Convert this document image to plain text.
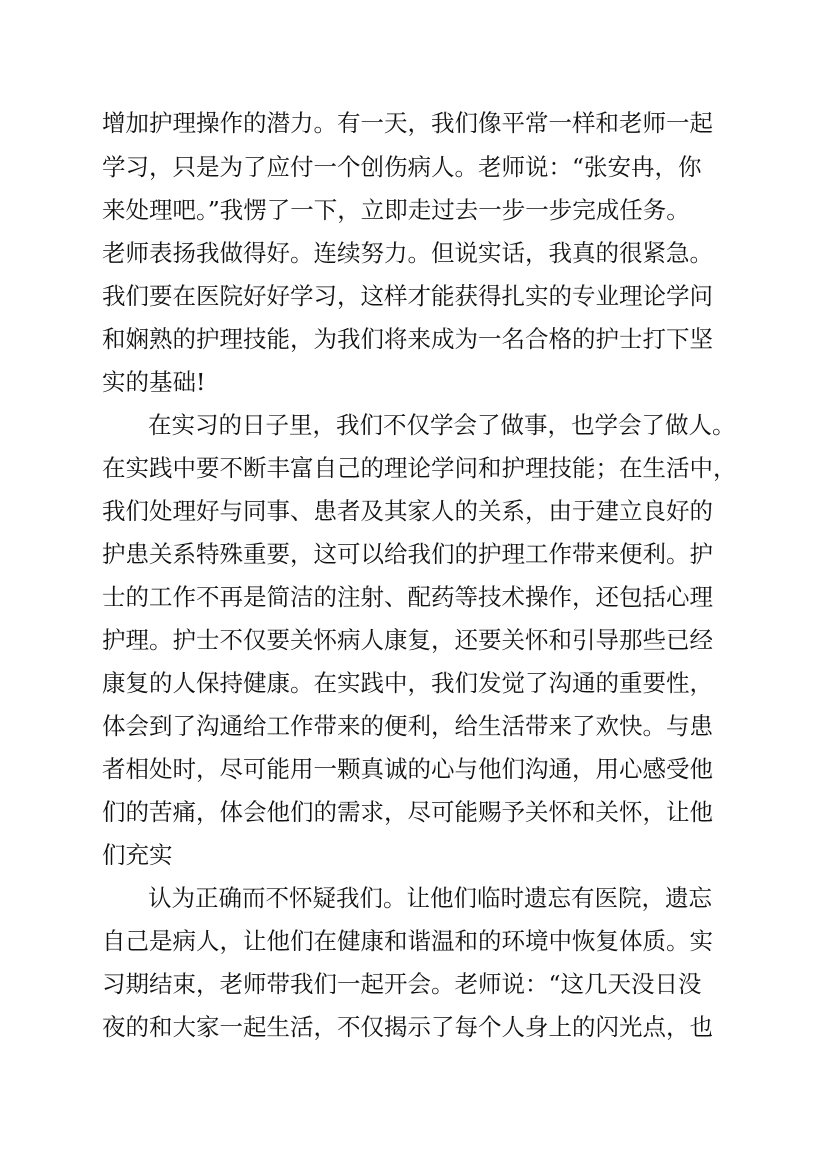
增加护理操作的潜力。有一天，我们像平常一样和老师一起
学习，只是为了应付一个创伤病人。老师说：“张安冉，你
来处理吧。”我愣了一下，立即走过去一步一步完成任务。
老师表扬我做得好。连续努力。但说实话，我真的很紧急。
我们要在医院好好学习，这样才能获得扎实的专业理论学问
和娴熟的护理技能，为我们将来成为一名合格的护士打下坚
实的基础!
在实习的日子里，我们不仅学会了做事，也学会了做人。
在实践中要不断丰富自己的理论学问和护理技能；在生活中，
我们处理好与同事、患者及其家人的关系，由于建立良好的
护患关系特殊重要，这可以给我们的护理工作带来便利。护
士的工作不再是简洁的注射、配药等技术操作，还包括心理
护理。护士不仅要关怀病人康复，还要关怀和引导那些已经
康复的人保持健康。在实践中，我们发觉了沟通的重要性，
体会到了沟通给工作带来的便利，给生活带来了欢快。与患
者相处时，尽可能用一颗真诚的心与他们沟通，用心感受他
们的苦痛，体会他们的需求，尽可能赐予关怀和关怀，让他
们充实
认为正确而不怀疑我们。让他们临时遗忘有医院，遗忘
自己是病人，让他们在健康和谐温和的环境中恢复体质。实
习期结束，老师带我们一起开会。老师说：“这几天没日没
夜的和大家一起生活，不仅揭示了每个人身上的闪光点，也
